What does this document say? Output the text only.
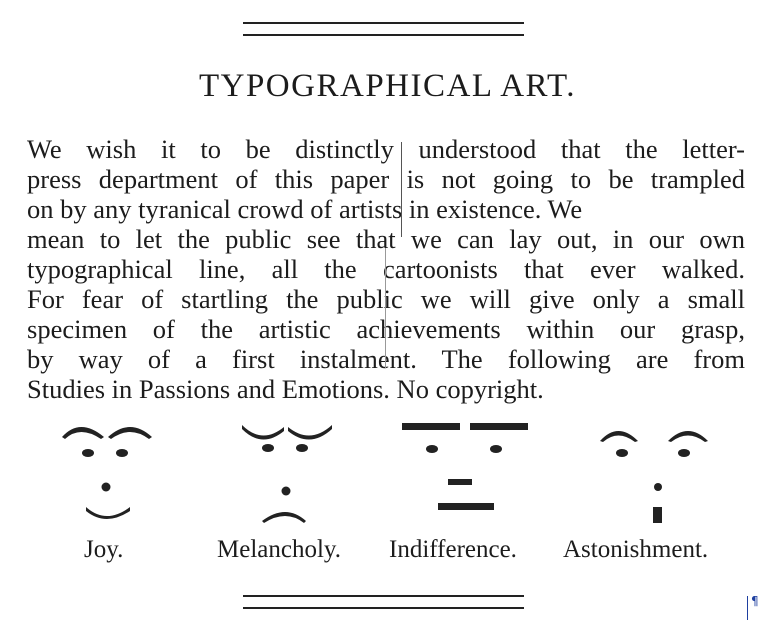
TYPOGRAPHICAL ART.
We wish it to be distinctly understood that the letter-
press department of this paper is not going to be trampled
on by any tyranical crowd of artists in existence. We
mean to let the public see that we can lay out, in our own
typographical line, all the cartoonists that ever walked.
For fear of startling the public we will give only a small
specimen of the artistic achievements within our grasp,
by way of a first instalment. The following are from
Studies in Passions and Emotions. No copyright.
Joy.	Melancholy. Indifference. Astonishment.
¶
